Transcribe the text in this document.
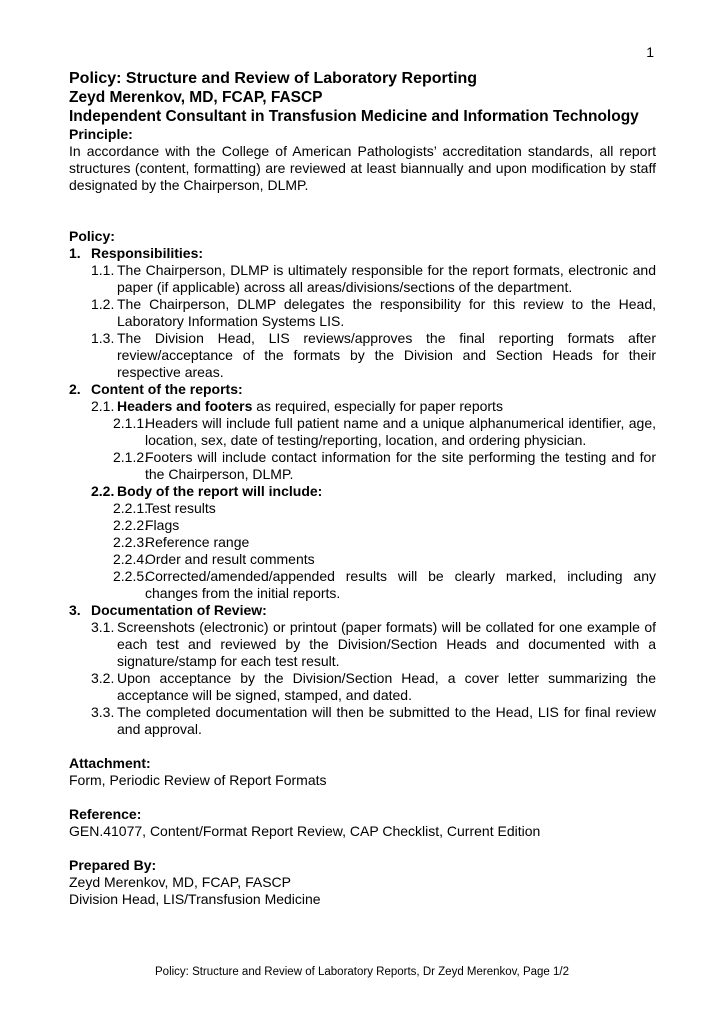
1
Policy: Structure and Review of Laboratory Reporting
Zeyd Merenkov, MD, FCAP, FASCP
Independent Consultant in Transfusion Medicine and Information Technology
Principle:
In accordance with the College of American Pathologists’ accreditation standards, all report structures (content, formatting) are reviewed at least biannually and upon modification by staff designated by the Chairperson, DLMP.
Policy:
1. Responsibilities:
1.1. The Chairperson, DLMP is ultimately responsible for the report formats, electronic and paper (if applicable) across all areas/divisions/sections of the department.
1.2. The Chairperson, DLMP delegates the responsibility for this review to the Head, Laboratory Information Systems LIS.
1.3. The Division Head, LIS reviews/approves the final reporting formats after review/acceptance of the formats by the Division and Section Heads for their respective areas.
2. Content of the reports:
2.1. Headers and footers as required, especially for paper reports
2.1.1.
Headers will include full patient name and a unique alphanumerical identifier, age, location, sex, date of testing/reporting, location, and ordering physician.
2.1.2.
Footers will include contact information for the site performing the testing and for the Chairperson, DLMP.
2.2. Body of the report will include:
2.2.1.
Test results
2.2.2.
Flags
2.2.3.
Reference range
2.2.4.
Order and result comments
2.2.5.
Corrected/amended/appended results will be clearly marked, including any changes from the initial reports.
3. Documentation of Review:
3.1. Screenshots (electronic) or printout (paper formats) will be collated for one example of each test and reviewed by the Division/Section Heads and documented with a signature/stamp for each test result.
3.2. Upon acceptance by the Division/Section Head, a cover letter summarizing the acceptance will be signed, stamped, and dated.
3.3. The completed documentation will then be submitted to the Head, LIS for final review and approval.
Attachment:
Form, Periodic Review of Report Formats
Reference:
GEN.41077, Content/Format Report Review, CAP Checklist, Current Edition
Prepared By:
Zeyd Merenkov, MD, FCAP, FASCP
Division Head, LIS/Transfusion Medicine
Policy: Structure and Review of Laboratory Reports, Dr Zeyd Merenkov, Page 1/2
